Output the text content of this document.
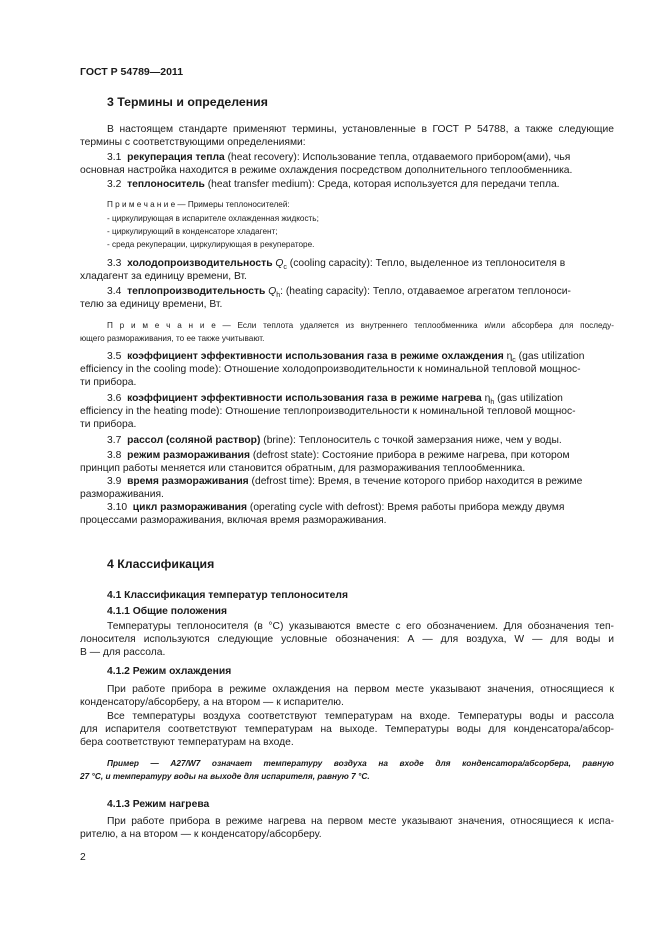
ГОСТ Р 54789—2011
3 Термины и определения
В настоящем стандарте применяют термины, установленные в ГОСТ Р 54788, а также следующие
термины с соответствующими определениями:
3.1 рекуперация тепла (heat recovery): Использование тепла, отдаваемого прибором(ами), чья
основная настройка находится в режиме охлаждения посредством дополнительного теплообменника.
3.2 теплоноситель (heat transfer medium): Среда, которая используется для передачи тепла.
П р и м е ч а н и е — Примеры теплоносителей:
- циркулирующая в испарителе охлажденная жидкость;
- циркулирующий в конденсаторе хладагент;
- среда рекуперации, циркулирующая в рекуператоре.
3.3 холодопроизводительность $Q_c$ (cooling capacity): Тепло, выделенное из теплоносителя в
хладагент за единицу времени, Вт.
3.4 теплопроизводительность $Q_h$: (heating capacity): Тепло, отдаваемое агрегатом теплоноси-
телю за единицу времени, Вт.
П р и м е ч а н и е — Если теплота удаляется из внутреннего теплообменника и/или абсорбера для последу-
ющего размораживания, то ее также учитывают.
3.5 коэффициент эффективности использования газа в режиме охлаждения $\eta_c$ (gas utilization
efficiency in the cooling mode): Отношение холодопроизводительности к номинальной тепловой мощнос-
ти прибора.
3.6 коэффициент эффективности использования газа в режиме нагрева $\eta_h$ (gas utilization
efficiency in the heating mode): Отношение теплопроизводительности к номинальной тепловой мощнос-
ти прибора.
3.7 рассол (соляной раствор) (brine): Теплоноситель с точкой замерзания ниже, чем у воды.
3.8 режим размораживания (defrost state): Состояние прибора в режиме нагрева, при котором
принцип работы меняется или становится обратным, для размораживания теплообменника.
3.9 время размораживания (defrost time): Время, в течение которого прибор находится в режиме
размораживания.
3.10 цикл размораживания (operating cycle with defrost): Время работы прибора между двумя
процессами размораживания, включая время размораживания.
4 Классификация
4.1 Классификация температур теплоносителя
4.1.1 Общие положения
Температуры теплоносителя (в °С) указываются вместе с его обозначением. Для обозначения теп-
лоносителя используются следующие условные обозначения: А — для воздуха, W — для воды и
В — для рассола.
4.1.2 Режим охлаждения
При работе прибора в режиме охлаждения на первом месте указывают значения, относящиеся к
конденсатору/абсорберу, а на втором — к испарителю.
Все температуры воздуха соответствуют температурам на входе. Температуры воды и рассола
для испарителя соответствуют температурам на выходе. Температуры воды для конденсатора/абсор-
бера соответствуют температурам на входе.
Пример — А27/W7 означает температуру воздуха на входе для конденсатора/абсорбера, равную
27 °С, и температуру воды на выходе для испарителя, равную 7 °С.
4.1.3 Режим нагрева
При работе прибора в режиме нагрева на первом месте указывают значения, относящиеся к испа-
рителю, а на втором — к конденсатору/абсорберу.
2
